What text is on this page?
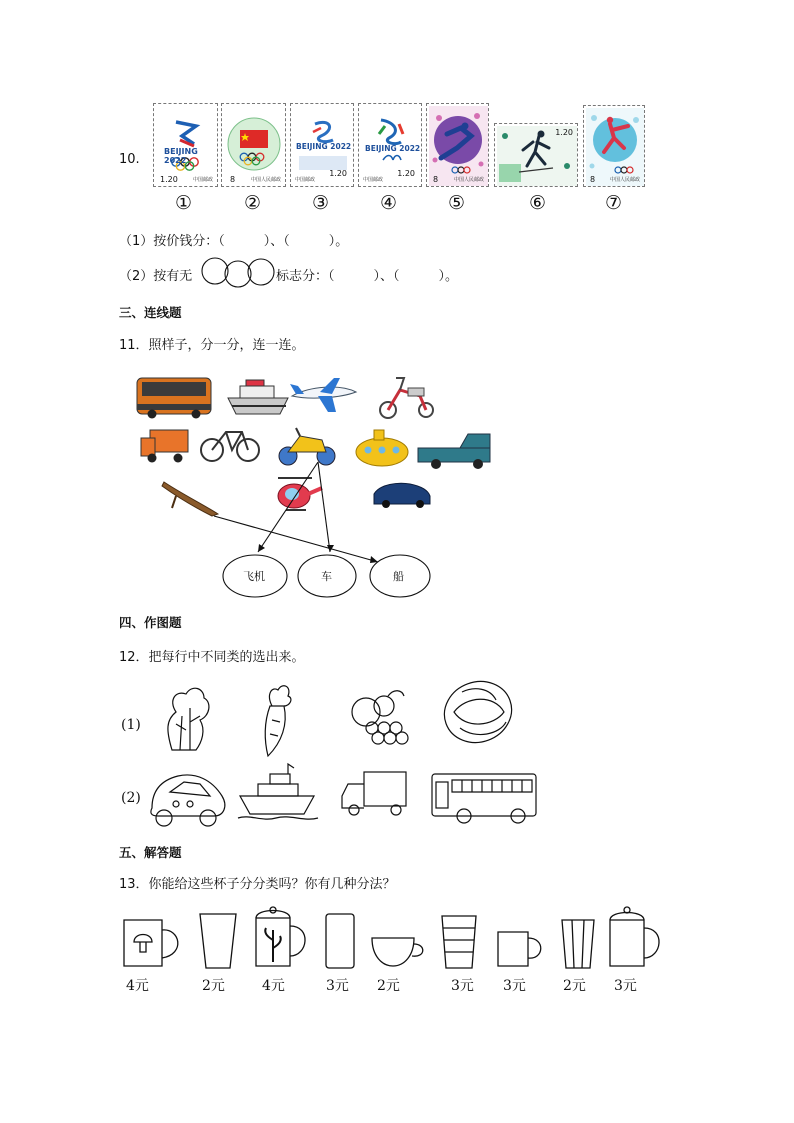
10.
BEIJING 2022
1.20	中国邮政 8	中国人民邮政
BEIJING 2022
1.20
中国邮政
BEIJING 2022
1.20
中国邮政	8	中国人民邮政
1.20
8	中国人民邮政
①	②	③	④	⑤	⑥	⑦
（1）按价钱分：（　　　）、（　　　）。
（2）按有无	标志分：（　　　）、（　　　）。
三、连线题
11．照样子，分一分，连一连。
飞机	车	船
四、作图题
12．把每行中不同类的选出来。
(1)
(2)
五、解答题
13．你能给这些杯子分分类吗？你有几种分法？
4元	2元	4元	3元 2元	3元 3元	2元 3元
